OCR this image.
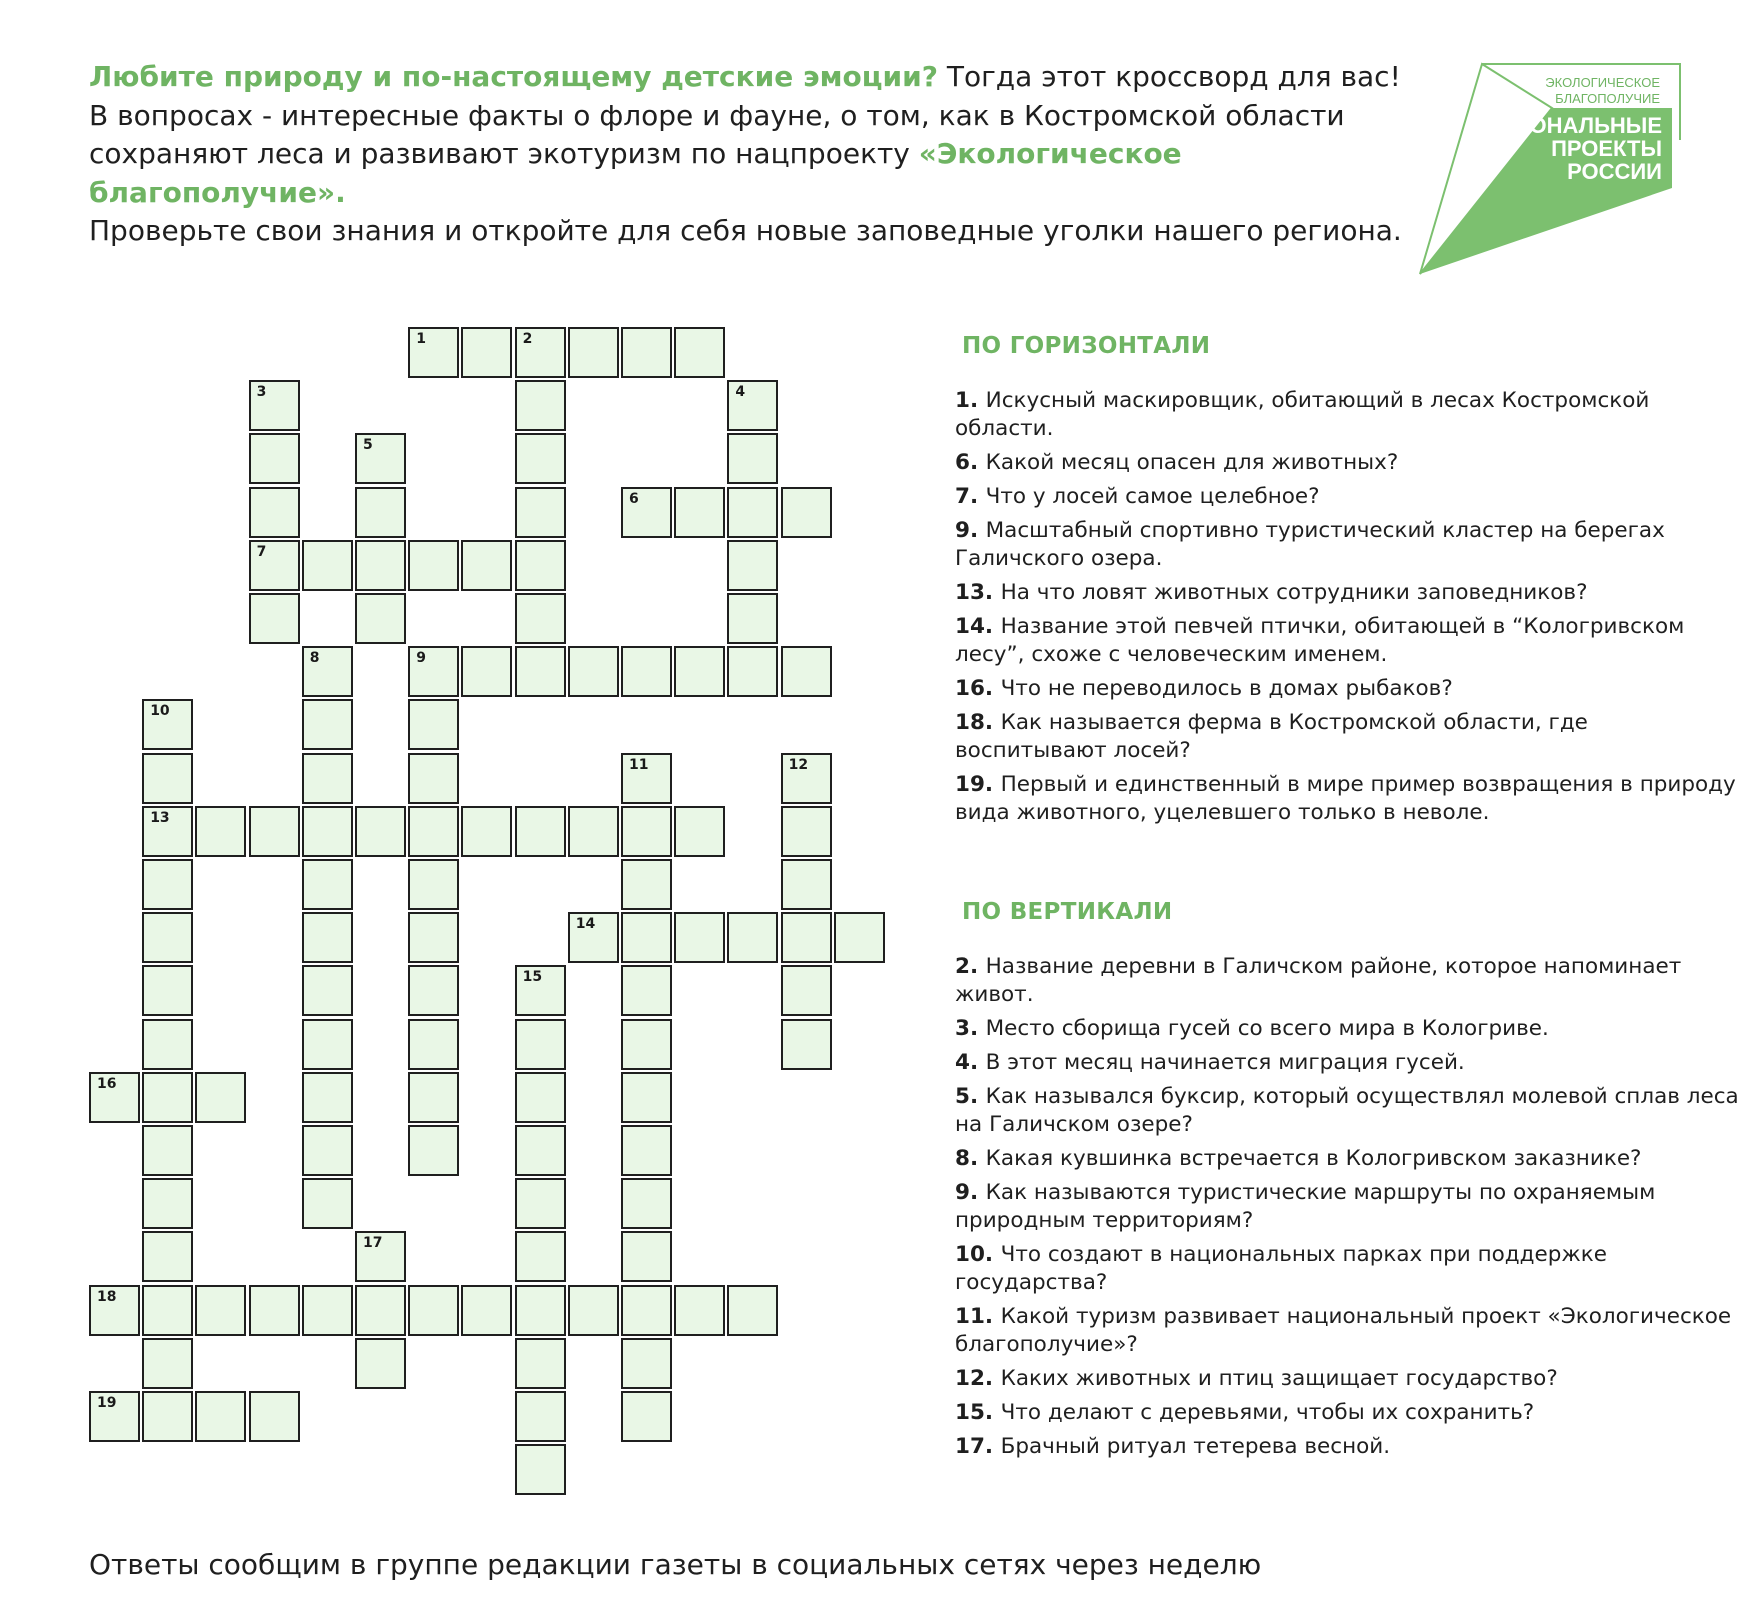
Любите природу и по-настоящему детские эмоции? Тогда этот кроссворд для вас!
В вопросах - интересные факты о флоре и фауне, о том, как в Костромской области сохраняют леса и развивают экотуризм по нацпроекту «Экологическое благополучие».
Проверьте свои знания и откройте для себя новые заповедные уголки нашего региона.
ЭКОЛОГИЧЕСКОЕ
БЛАГОПОЛУЧИЕ
НАЦИОНАЛЬНЫЕ
ПРОЕКТЫ
РОССИИ
1	2
3
7
4
5
6
8	9
10
13
11	12
14
15
16
17
18
19
ПО ГОРИЗОНТАЛИ
1. Искусный маскировщик, обитающий в лесах Костромской области.
6. Какой месяц опасен для животных?
7. Что у лосей самое целебное?
9. Масштабный спортивно туристический кластер на берегах Галичского озера.
13. На что ловят животных сотрудники заповедников?
14. Название этой певчей птички, обитающей в “Кологривском лесу”, схоже с человеческим именем.
16. Что не переводилось в домах рыбаков?
18. Как называется ферма в Костромской области, где воспитывают лосей?
19. Первый и единственный в мире пример возвращения в природу вида животного, уцелевшего только в неволе.
ПО ВЕРТИКАЛИ
2. Название деревни в Галичском районе, которое напоминает живот.
3. Место сборища гусей со всего мира в Кологриве.
4. В этот месяц начинается миграция гусей.
5. Как назывался буксир, который осуществлял молевой сплав леса на Галичском озере?
8. Какая кувшинка встречается в Кологривском заказнике?
9. Как называются туристические маршруты по охраняемым природным территориям?
10. Что создают в национальных парках при поддержке государства?
11. Какой туризм развивает национальный проект «Экологическое благополучие»?
12. Каких животных и птиц защищает государство?
15. Что делают с деревьями, чтобы их сохранить?
17. Брачный ритуал тетерева весной.
Ответы сообщим в группе редакции газеты в социальных сетях через неделю
